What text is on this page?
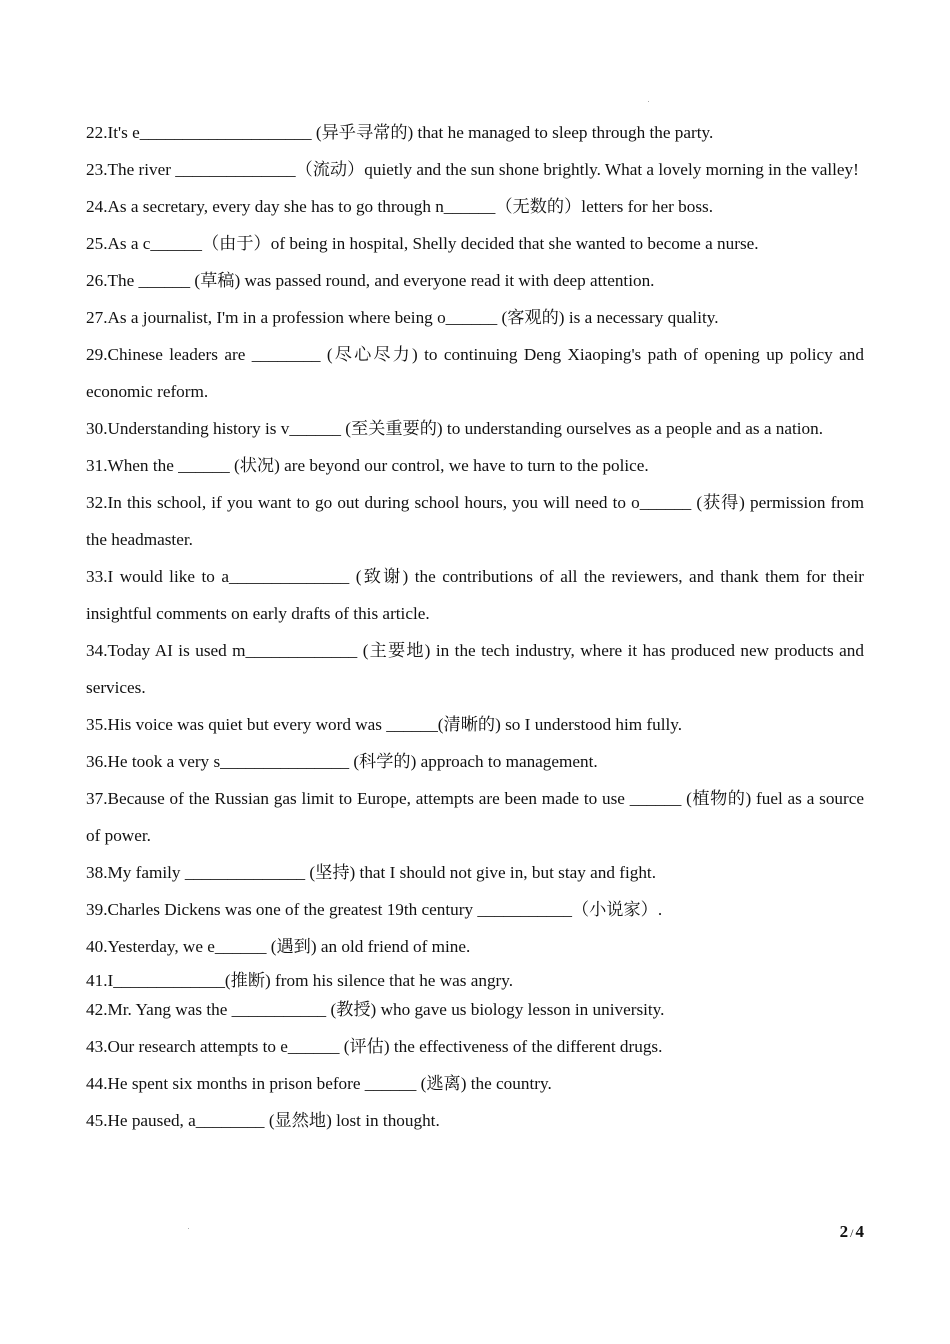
22.It's e____________________ (异乎寻常的) that he managed to sleep through the party.

23.The river ______________（流动）quietly and the sun shone brightly. What a lovely morning in the valley!

24.As a secretary, every day she has to go through n______（无数的）letters for her boss.

25.As a c______（由于）of being in hospital, Shelly decided that she wanted to become a nurse.

26.The ______ (草稿) was passed round, and everyone read it with deep attention.

27.As a journalist, I'm in a profession where being o______ (客观的) is a necessary quality.

29.Chinese leaders are ________ (尽心尽力) to continuing Deng Xiaoping's path of opening up policy and economic reform.

30.Understanding history is v______ (至关重要的) to understanding ourselves as a people and as a nation.

31.When the ______ (状况) are beyond our control, we have to turn to the police.

32.In this school, if you want to go out during school hours, you will need to o______ (获得) permission from the headmaster.

33.I would like to a______________ (致谢) the contributions of all the reviewers, and thank them for their insightful comments on early drafts of this article.

34.Today AI is used m_____________ (主要地) in the tech industry, where it has produced new products and services.

35.His voice was quiet but every word was ______(清晰的) so I understood him fully.

36.He took a very s_______________ (科学的) approach to management.

37.Because of the Russian gas limit to Europe, attempts are been made to use ______ (植物的) fuel as a source of power.

38.My family ______________ (坚持) that I should not give in, but stay and fight.

39.Charles Dickens was one of the greatest 19th century ___________（小说家）.

40.Yesterday, we e______ (遇到) an old friend of mine.

41.I_____________(推断) from his silence that he was angry.

42.Mr. Yang was the ___________ (教授) who gave us biology lesson in university.

43.Our research attempts to e______ (评估) the effectiveness of the different drugs.

44.He spent six months in prison before ______ (逃离) the country.

45.He paused, a________ (显然地) lost in thought.

2 / 4
